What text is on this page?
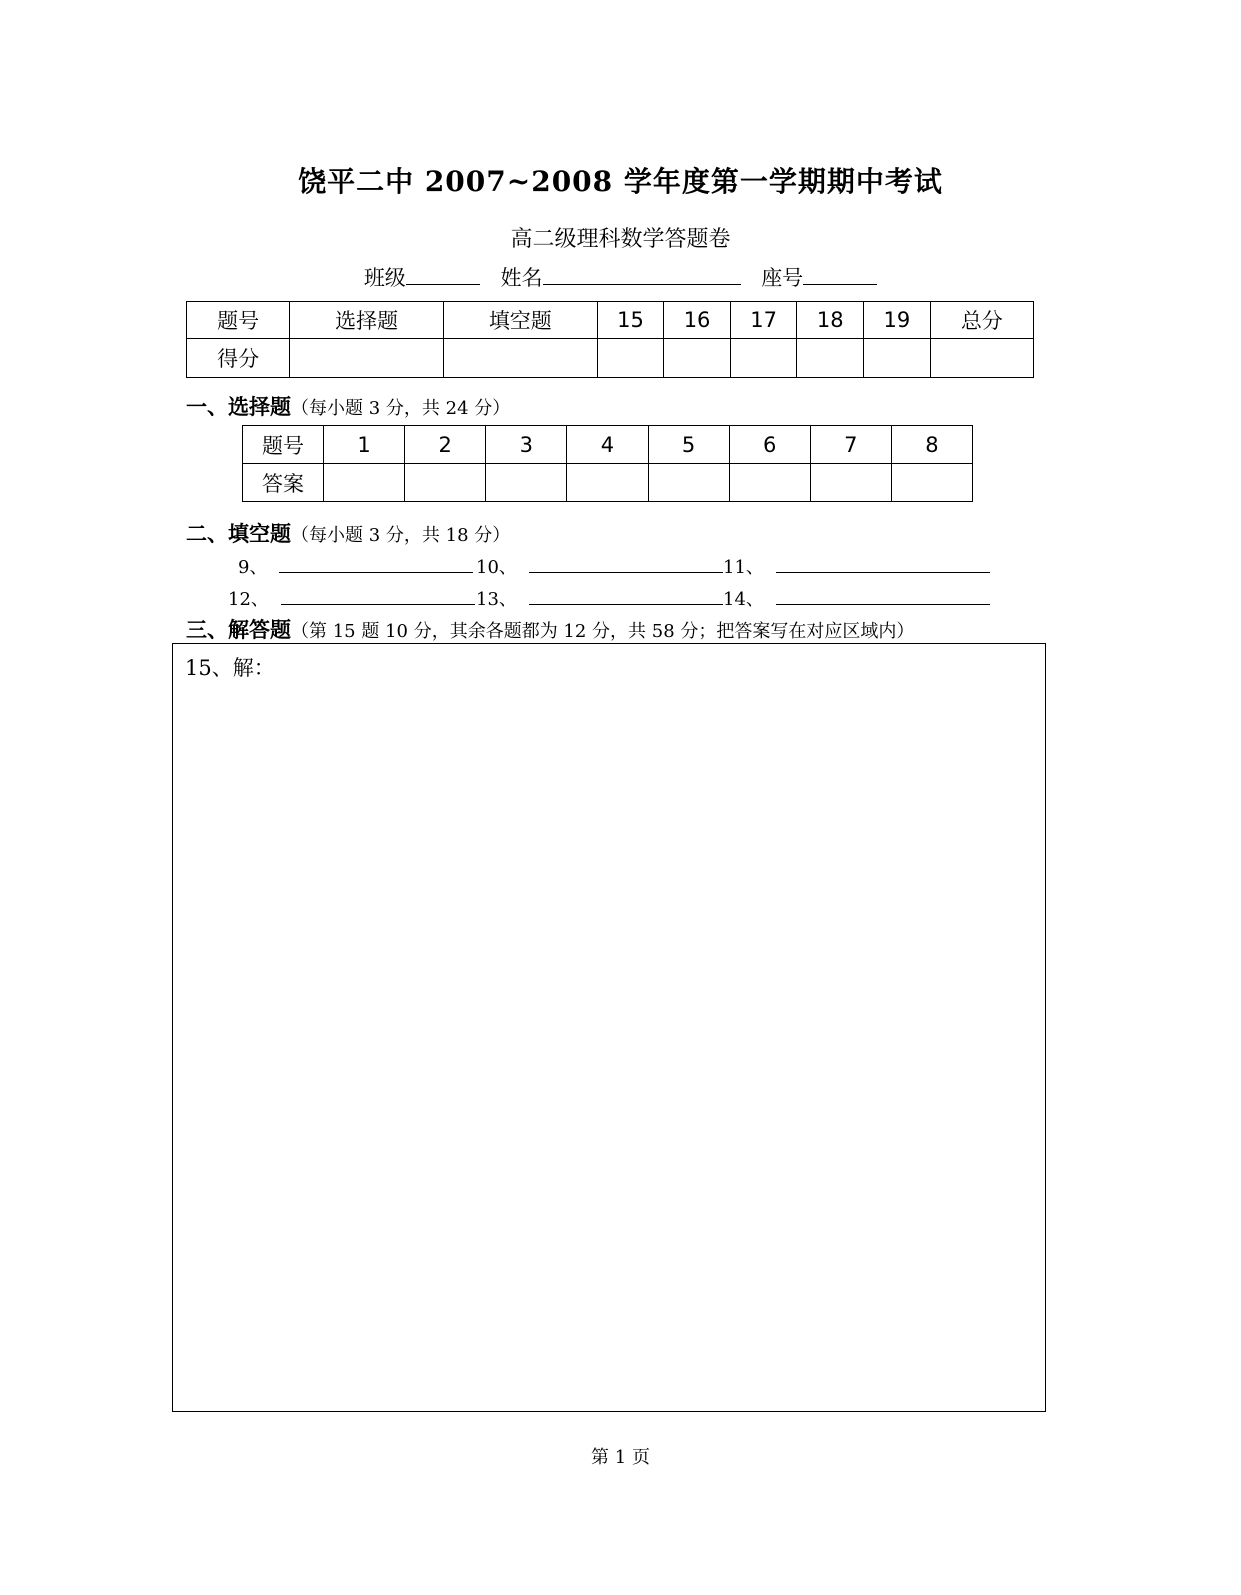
饶平二中 2007~2008 学年度第一学期期中考试
高二级理科数学答题卷
班级	姓名	座号
题号	选择题	填空题	15	16	17	18	19	总分
得分								
一、选择题（每小题 3 分，共 24 分）
题号	1	2	3	4	5	6	7	8
答案								
二、填空题（每小题 3 分，共 18 分）
9、	10、	11、
12、	13、	14、
三、解答题（第 15 题 10 分，其余各题都为 12 分，共 58 分；把答案写在对应区域内）
15、解：
第 1 页
